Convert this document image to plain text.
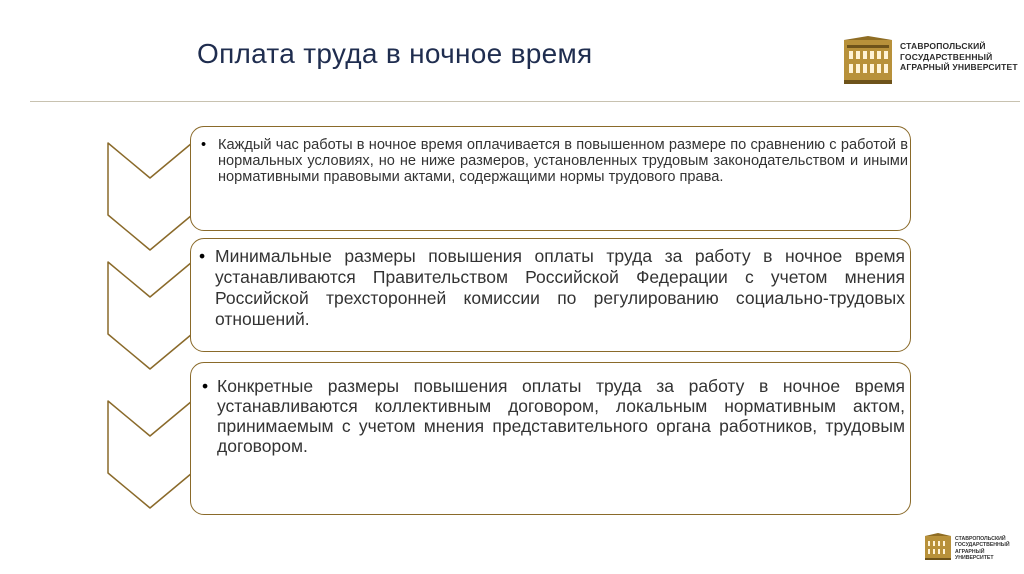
Оплата труда в ночное время	СТАВРОПОЛЬСКИЙ
ГОСУДАРСТВЕННЫЙ
АГРАРНЫЙ УНИВЕРСИТЕТ
• Каждый час работы в ночное время оплачивается в повышенном размере по сравнению с работой в нормальных условиях, но не ниже размеров, установленных трудовым законодательством и иными нормативными правовыми актами, содержащими нормы трудового права.

• Минимальные размеры повышения оплаты труда за работу в ночное время устанавливаются Правительством Российской Федерации с учетом мнения Российской трехсторонней комиссии по регулированию социально-трудовых отношений.

• Конкретные размеры повышения оплаты труда за работу в ночное время устанавливаются коллективным договором, локальным нормативным актом, принимаемым с учетом мнения представительного органа работников, трудовым договором.

СТАВРОПОЛЬСКИЙ
ГОСУДАРСТВЕННЫЙ
АГРАРНЫЙ УНИВЕРСИТЕТ
